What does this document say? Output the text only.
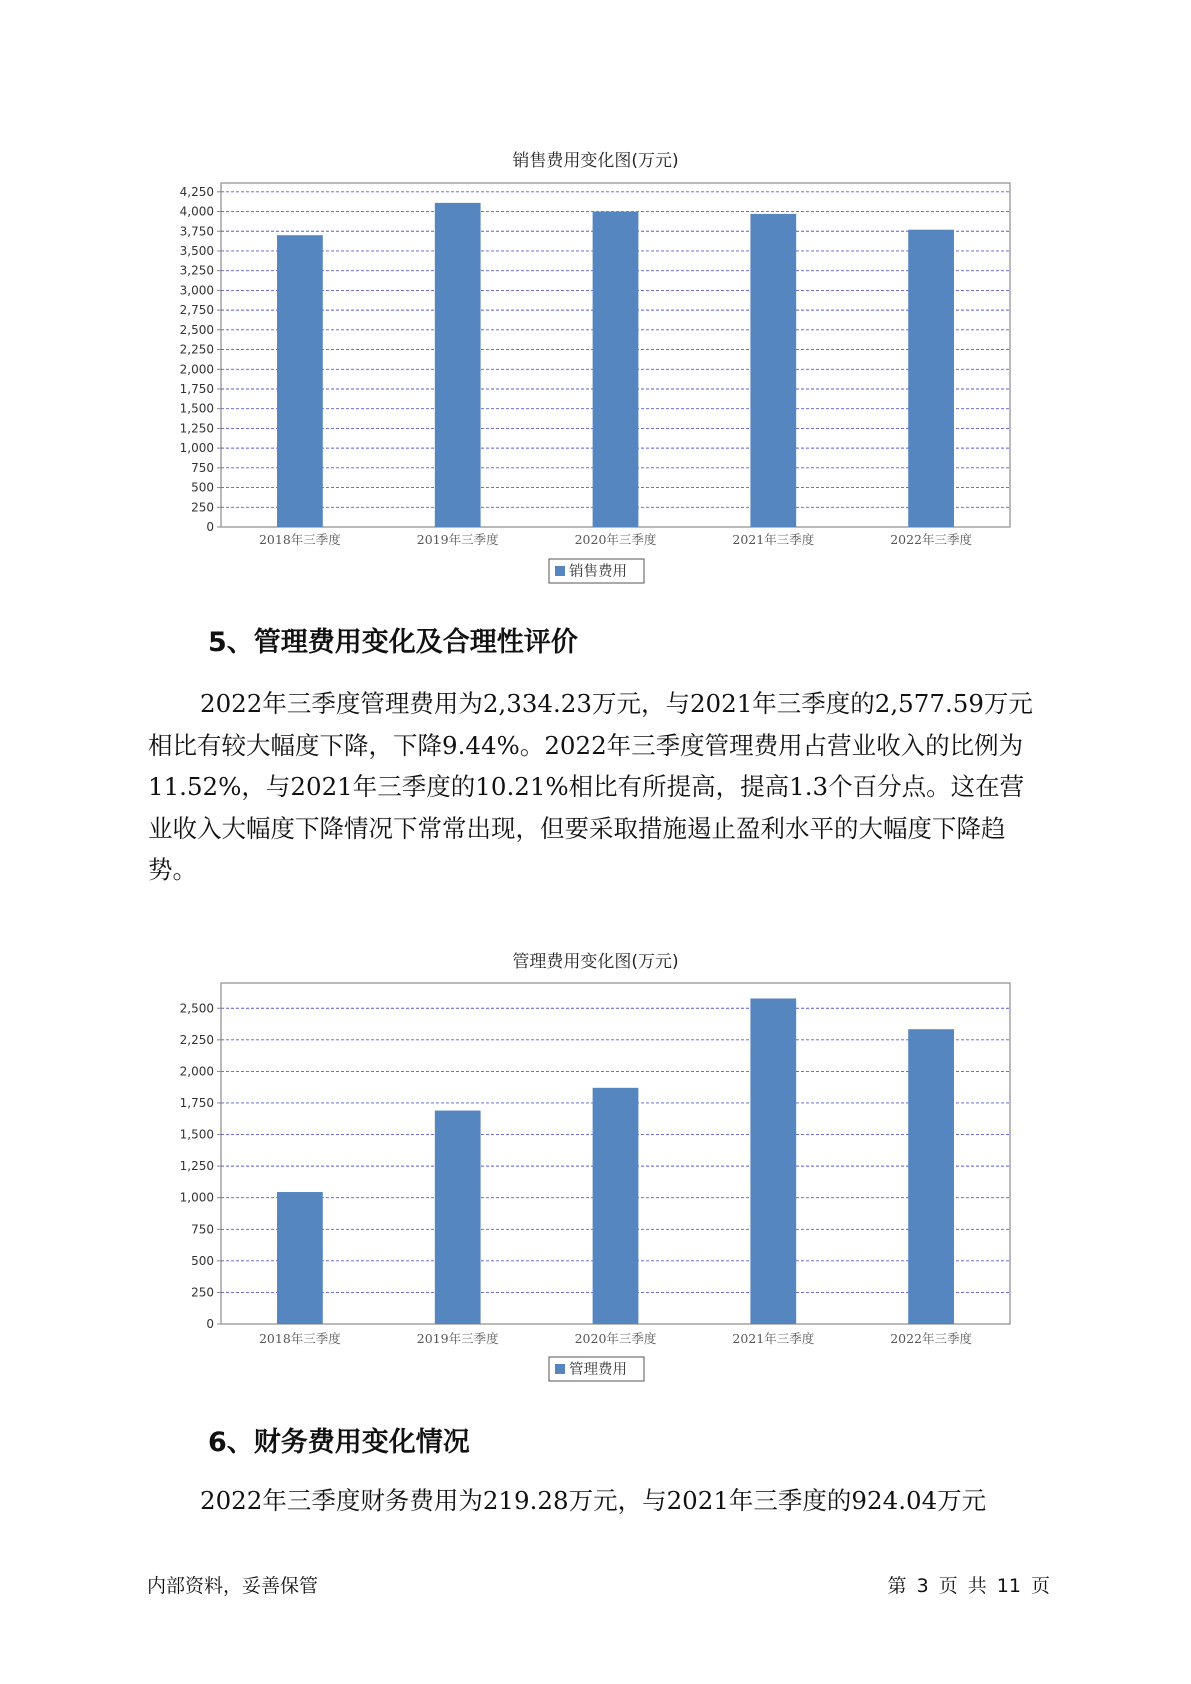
销售费用变化图(万元)
0
250
500
750
1,000
1,250
1,500
1,750
2,000
2,250
2,500
2,750
3,000
3,250
3,500
3,750
4,000
4,250
2018年三季度	2019年三季度	2020年三季度	2021年三季度	2022年三季度
销售费用
5、管理费用变化及合理性评价
2022年三季度管理费用为2,334.23万元，与2021年三季度的2,577.59万元相比有较大幅度下降，下降9.44%。2022年三季度管理费用占营业收入的比例为11.52%，与2021年三季度的10.21%相比有所提高，提高1.3个百分点。这在营业收入大幅度下降情况下常常出现，但要采取措施遏止盈利水平的大幅度下降趋势。
管理费用变化图(万元)
0
250
500
750
1,000
1,250
1,500
1,750
2,000
2,250
2,500
2018年三季度	2019年三季度	2020年三季度	2021年三季度	2022年三季度
管理费用
6、财务费用变化情况
2022年三季度财务费用为219.28万元，与2021年三季度的924.04万元
内部资料，妥善保管	第 3 页 共 11 页
